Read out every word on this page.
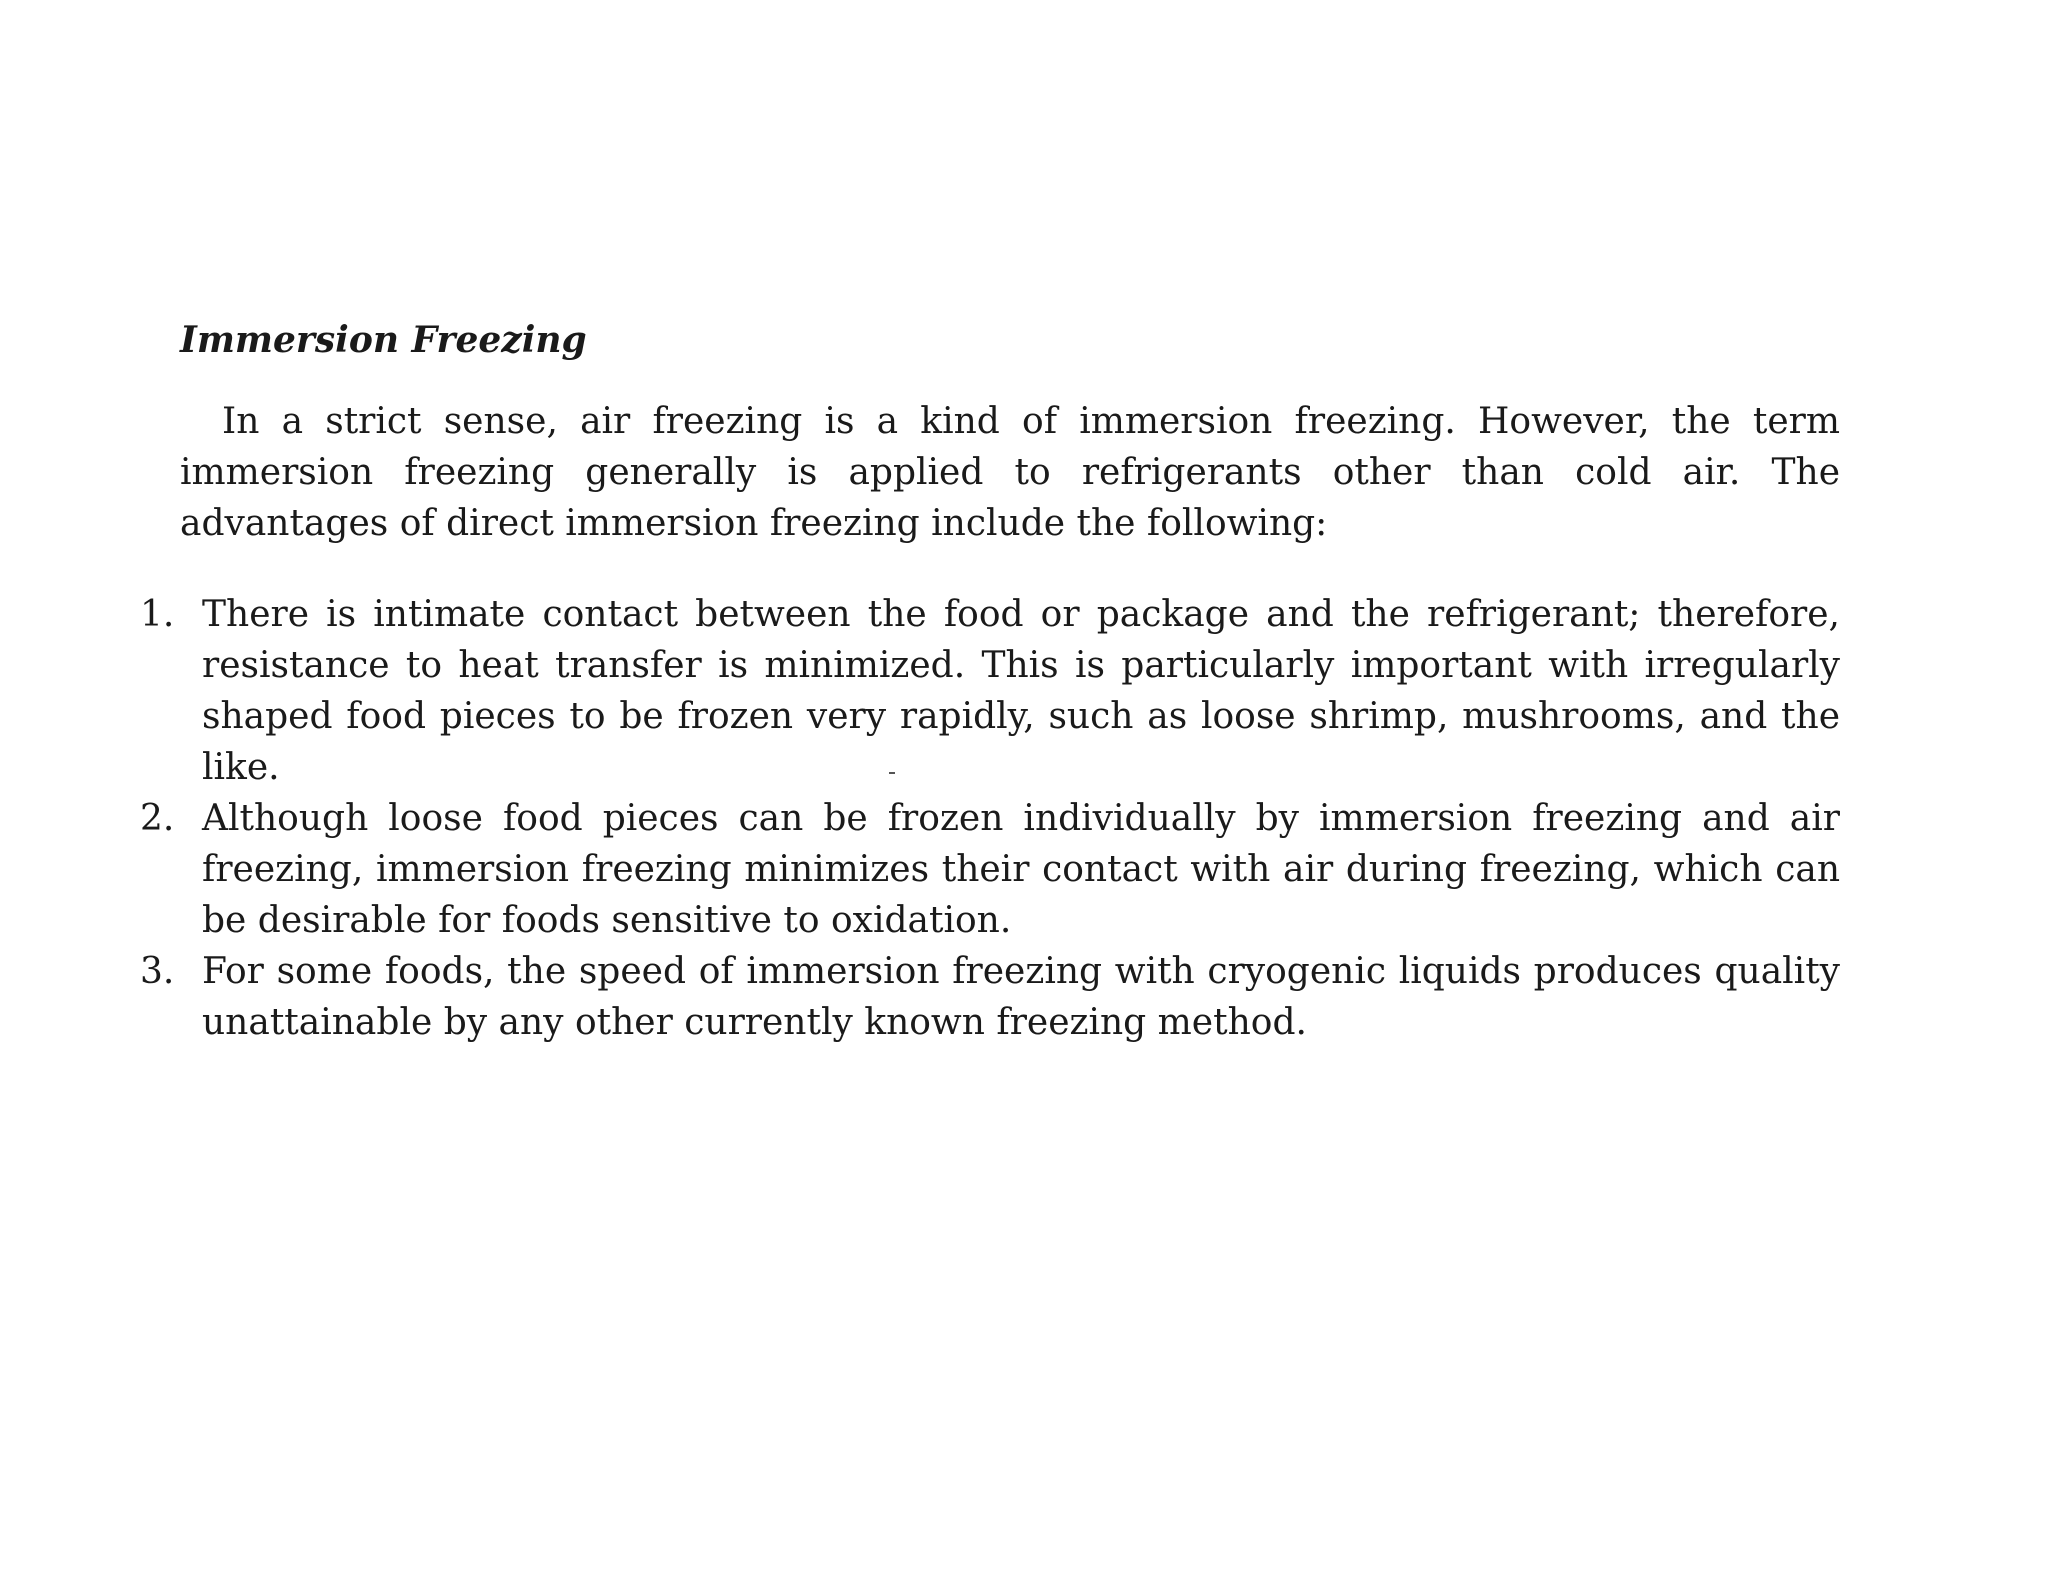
Immersion Freezing

In a strict sense, air freezing is a kind of immersion freezing. However, the term immersion freezing generally is applied to refrigerants other than cold air. The advantages of direct immersion freezing include the following:

1. There is intimate contact between the food or package and the refrigerant; therefore, resistance to heat transfer is minimized. This is particularly important with irregularly shaped food pieces to be frozen very rapidly, such as loose shrimp, mushrooms, and the like.
2. Although loose food pieces can be frozen individually by immersion freezing and air freezing, immersion freezing minimizes their contact with air during freezing, which can be desirable for foods sensitive to oxidation.
3. For some foods, the speed of immersion freezing with cryogenic liquids produces quality unattainable by any other currently known freezing method.
